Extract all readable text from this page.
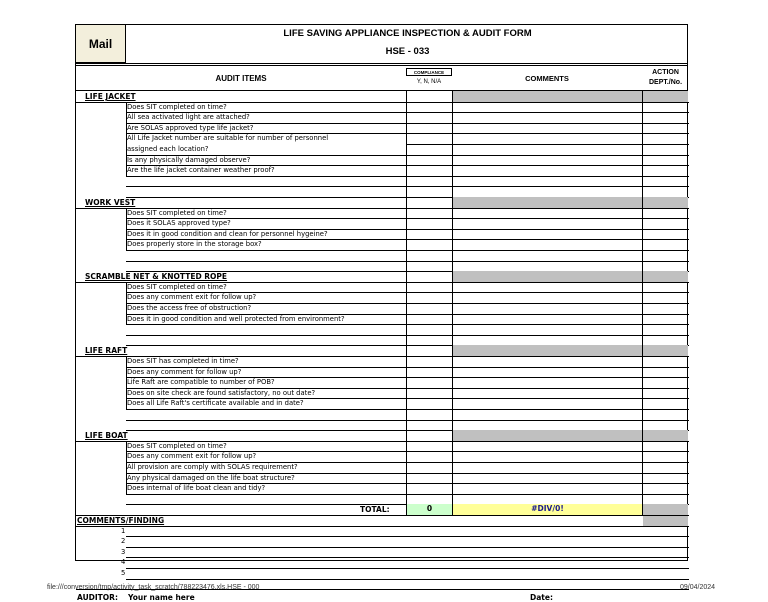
Mail
LIFE SAVING APPLIANCE INSPECTION & AUDIT FORM
HSE - 033
AUDIT ITEMS
COMPLIANCE
Y, N, N/A	COMMENTS
ACTION
DEPT./No.
LIFE JACKET
Does SIT completed on time?
All sea activated light are attached?
Are SOLAS approved type life jacket?
All Life Jacket number are suitable for number of personnel
assigned each location?
Is any physically damaged observe?
Are the life jacket container weather proof?
WORK VEST
Does SIT completed on time?
Does it SOLAS approved type?
Does it in good condition and clean for personnel hygeine?
Does properly store in the storage box?
SCRAMBLE NET & KNOTTED ROPE
Does SIT completed on time?
Does any comment exit for follow up?
Does the access free of obstruction?
Does it in good condition and well protected from environment?
LIFE RAFT
Does SIT has completed in time?
Does any comment for follow up?
Life Raft are compatible to number of POB?
Does on site check are found satisfactory, no out date?
Does all Life Raft's certificate available and in date?
LIFE BOAT
Does SIT completed on time?
Does any comment exit for follow up?
All provision are comply with SOLAS requirement?
Any physical damaged on the life boat structure?
Does internal of life boat clean and tidy?
TOTAL:	0	#DIV/0!
COMMENTS/FINDING
1
2
3
4
5
AUDITOR: Your name here	Date:
file:///conversion/tmp/activity_task_scratch/788223476.xls,HSE - 000	09/04/2024
